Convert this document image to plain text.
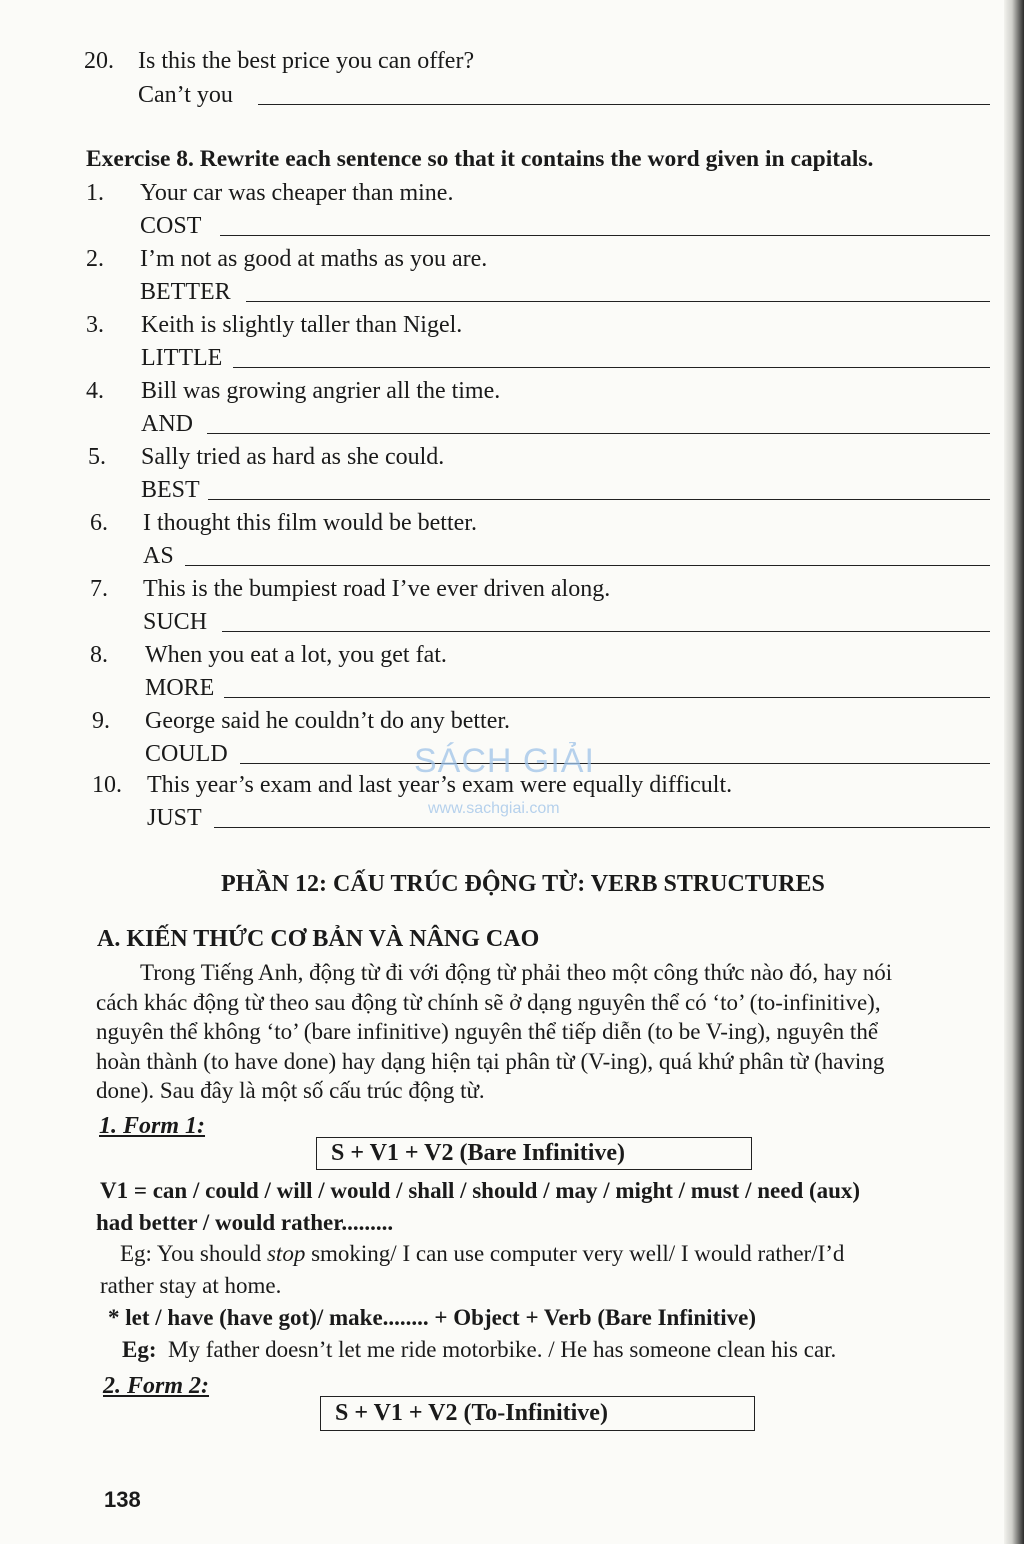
20. Is this the best price you can offer?
Can’t you
Exercise 8. Rewrite each sentence so that it contains the word given in capitals.
1. Your car was cheaper than mine.
COST
2. I’m not as good at maths as you are.
BETTER
3. Keith is slightly taller than Nigel.
LITTLE
4. Bill was growing angrier all the time.
AND
5. Sally tried as hard as she could.
BEST
6. I thought this film would be better.
AS
7. This is the bumpiest road I’ve ever driven along.
SUCH
8. When you eat a lot, you get fat.
MORE
9. George said he couldn’t do any better.
COULD
10. This year’s exam and last year’s exam were equally difficult.
JUST
SÁCH GIẢI
www.sachgiai.com
PHẦN 12: CẤU TRÚC ĐỘNG TỪ: VERB STRUCTURES
A. KIẾN THỨC CƠ BẢN VÀ NÂNG CAO
Trong Tiếng Anh, động từ đi với động từ phải theo một công thức nào đó, hay nói
cách khác động từ theo sau động từ chính sẽ ở dạng nguyên thể có ‘to’ (to-infinitive),
nguyên thể không ‘to’ (bare infinitive) nguyên thể tiếp diễn (to be V-ing), nguyên thể
hoàn thành (to have done) hay dạng hiện tại phân từ (V-ing), quá khứ phân từ (having
done). Sau đây là một số cấu trúc động từ.
1. Form 1:
S + V1 + V2 (Bare Infinitive)
V1 = can / could / will / would / shall / should / may / might / must / need (aux)
had better / would rather.........
Eg: You should stop smoking/ I can use computer very well/ I would rather/I’d
rather stay at home.
* let / have (have got)/ make........ + Object + Verb (Bare Infinitive)
Eg: My father doesn’t let me ride motorbike. / He has someone clean his car.
2. Form 2:
S + V1 + V2 (To-Infinitive)
138
